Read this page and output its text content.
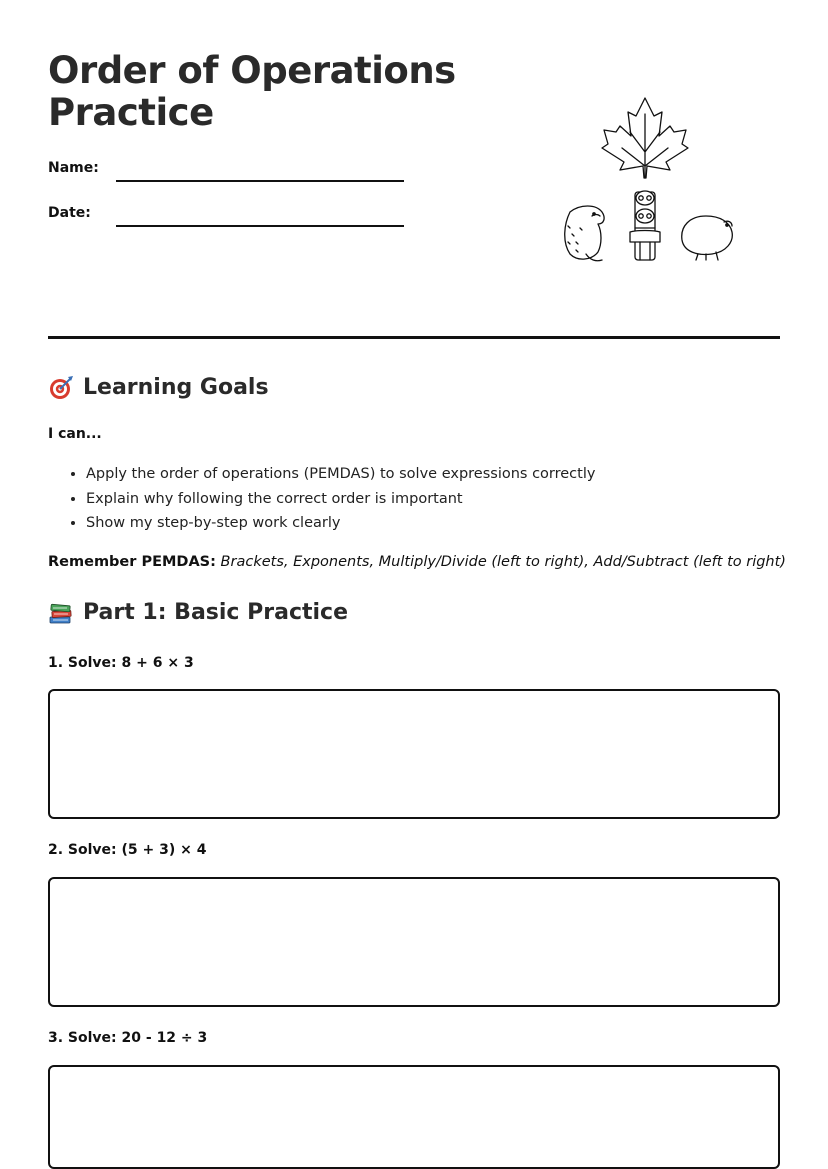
Order of Operations
Practice
Name:
Date:
Learning Goals
I can...
• Apply the order of operations (PEMDAS) to solve expressions correctly
• Explain why following the correct order is important
• Show my step-by-step work clearly
Remember PEMDAS: Brackets, Exponents, Multiply/Divide (left to right), Add/Subtract (left to right)
Part 1: Basic Practice
1. Solve: 8 + 6 × 3
2. Solve: (5 + 3) × 4
3. Solve: 20 - 12 ÷ 3
